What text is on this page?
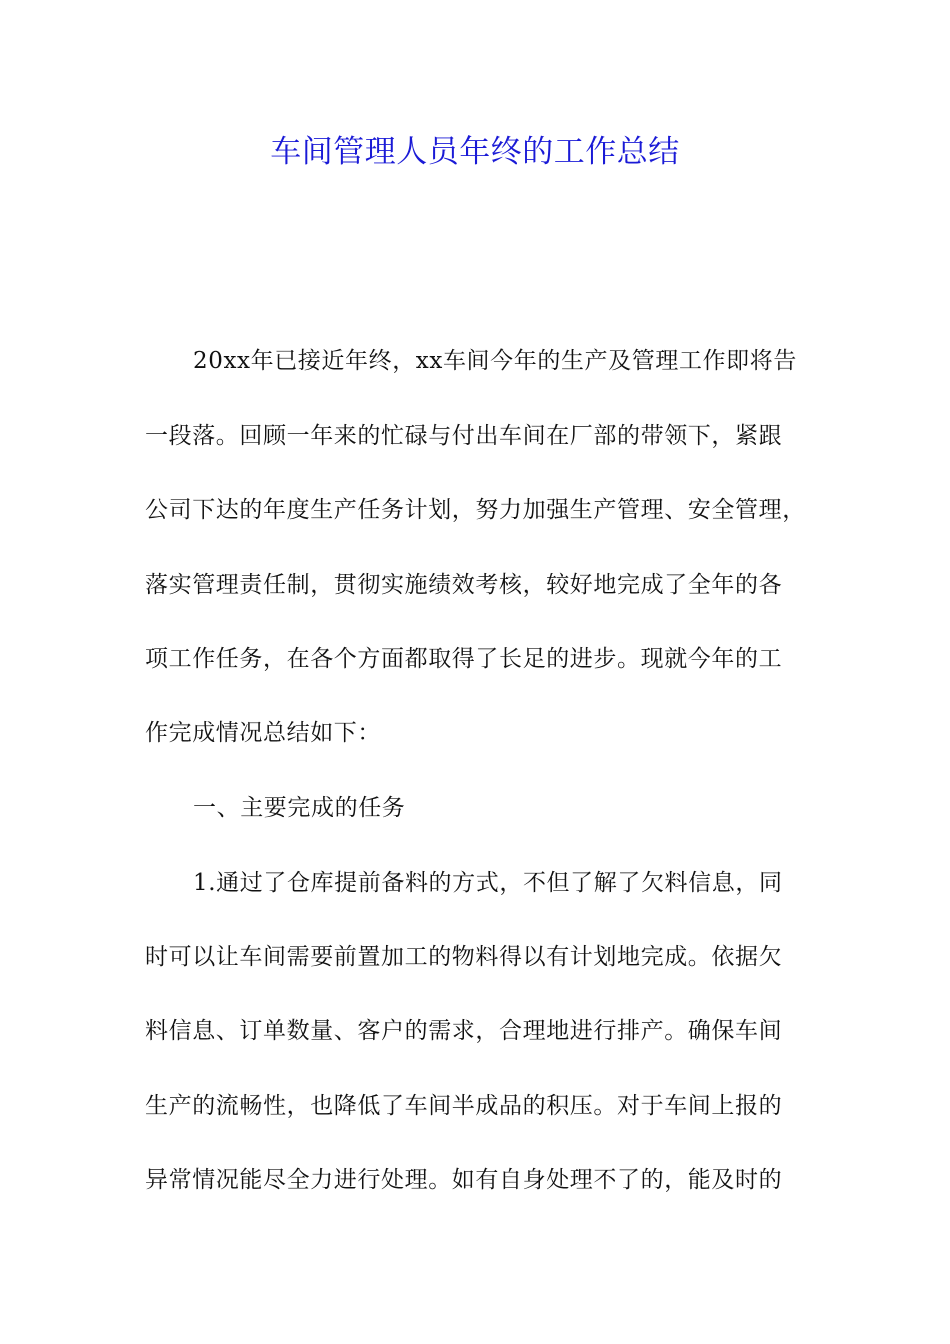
车间管理人员年终的工作总结
20xx年已接近年终，xx车间今年的生产及管理工作即将告
一段落。回顾一年来的忙碌与付出车间在厂部的带领下，紧跟
公司下达的年度生产任务计划，努力加强生产管理、安全管理，
落实管理责任制，贯彻实施绩效考核，较好地完成了全年的各
项工作任务，在各个方面都取得了长足的进步。现就今年的工
作完成情况总结如下：
一、主要完成的任务
1.通过了仓库提前备料的方式，不但了解了欠料信息，同
时可以让车间需要前置加工的物料得以有计划地完成。依据欠
料信息、订单数量、客户的需求，合理地进行排产。确保车间
生产的流畅性，也降低了车间半成品的积压。对于车间上报的
异常情况能尽全力进行处理。如有自身处理不了的，能及时的
